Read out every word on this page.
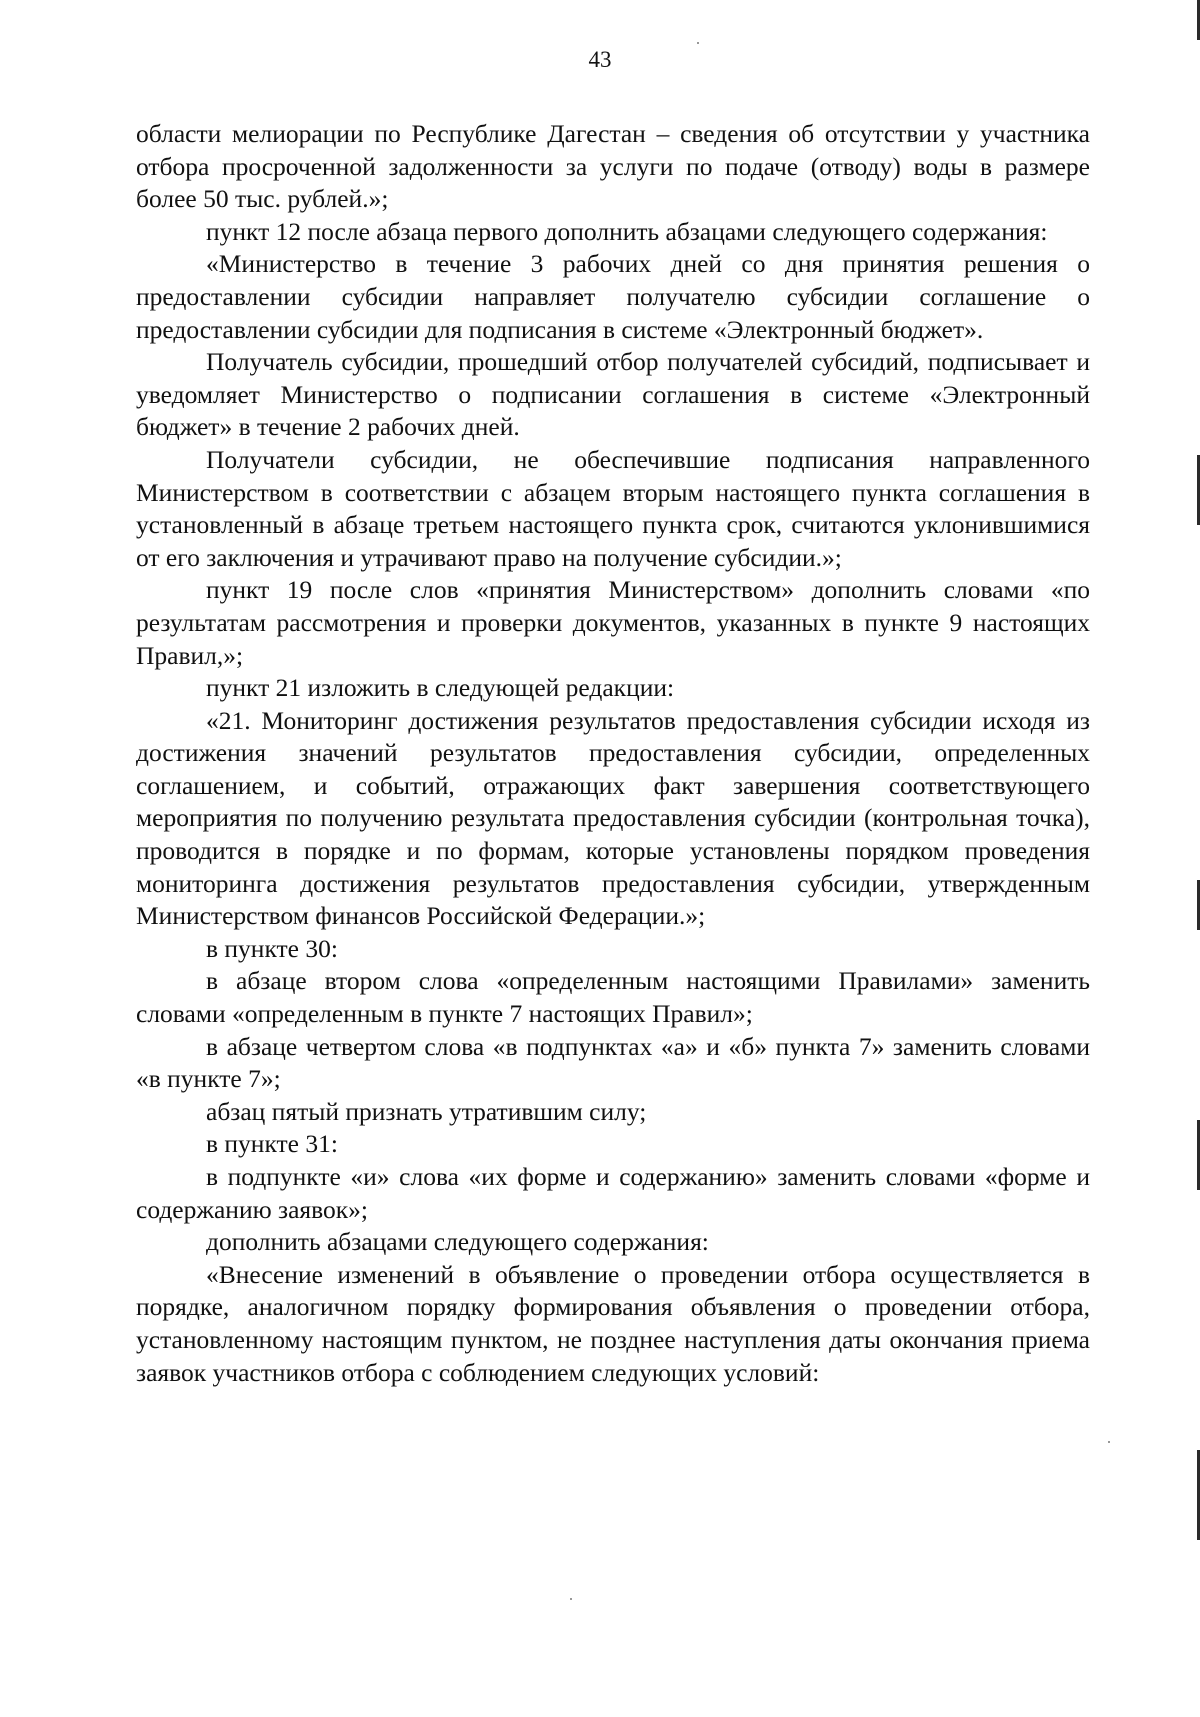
43

области мелиорации по Республике Дагестан – сведения об отсутствии у участника отбора просроченной задолженности за услуги по подаче (отводу) воды в размере более 50 тыс. рублей.»;

пункт 12 после абзаца первого дополнить абзацами следующего содержания:

«Министерство в течение 3 рабочих дней со дня принятия решения о предоставлении субсидии направляет получателю субсидии соглашение о предоставлении субсидии для подписания в системе «Электронный бюджет».

Получатель субсидии, прошедший отбор получателей субсидий, подписывает и уведомляет Министерство о подписании соглашения в системе «Электронный бюджет» в течение 2 рабочих дней.

Получатели субсидии, не обеспечившие подписания направленного Министерством в соответствии с абзацем вторым настоящего пункта соглашения в установленный в абзаце третьем настоящего пункта срок, считаются уклонившимися от его заключения и утрачивают право на получение субсидии.»;

пункт 19 после слов «принятия Министерством» дополнить словами «по результатам рассмотрения и проверки документов, указанных в пункте 9 настоящих Правил,»;

пункт 21 изложить в следующей редакции:

«21. Мониторинг достижения результатов предоставления субсидии исходя из достижения значений результатов предоставления субсидии, определенных соглашением, и событий, отражающих факт завершения соответствующего мероприятия по получению результата предоставления субсидии (контрольная точка), проводится в порядке и по формам, которые установлены порядком проведения мониторинга достижения результатов предоставления субсидии, утвержденным Министерством финансов Российской Федерации.»;

в пункте 30:

в абзаце втором слова «определенным настоящими Правилами» заменить словами «определенным в пункте 7 настоящих Правил»;

в абзаце четвертом слова «в подпунктах «а» и «б» пункта 7» заменить словами «в пункте 7»;

абзац пятый признать утратившим силу;

в пункте 31:

в подпункте «и» слова «их форме и содержанию» заменить словами «форме и содержанию заявок»;

дополнить абзацами следующего содержания:

«Внесение изменений в объявление о проведении отбора осуществляется в порядке, аналогичном порядку формирования объявления о проведении отбора, установленному настоящим пунктом, не позднее наступления даты окончания приема заявок участников отбора с соблюдением следующих условий:
